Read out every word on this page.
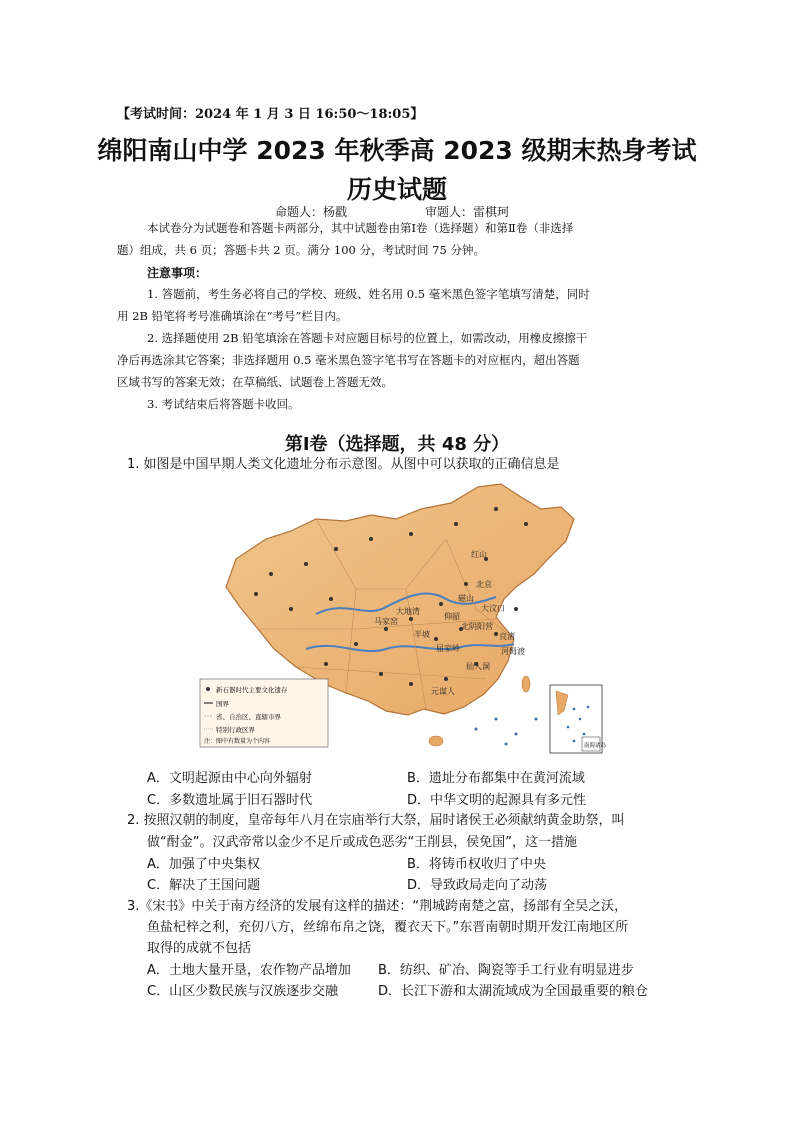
【考试时间：2024 年 1 月 3 日 16:50～18:05】
绵阳南山中学 2023 年秋季高 2023 级期末热身考试
历史试题
命题人：杨戳	审题人：雷棋珂
本试卷分为试题卷和答题卡两部分，其中试题卷由第Ⅰ卷（选择题）和第Ⅱ卷（非选择
题）组成，共 6 页；答题卡共 2 页。满分 100 分，考试时间 75 分钟。
注意事项：
1. 答题前，考生务必将自己的学校、班级、姓名用 0.5 毫米黑色签字笔填写清楚，同时
用 2B 铅笔将考号准确填涂在“考号”栏目内。
2. 选择题使用 2B 铅笔填涂在答题卡对应题目标号的位置上，如需改动，用橡皮擦擦干
净后再选涂其它答案；非选择题用 0.5 毫米黑色签字笔书写在答题卡的对应框内，超出答题
区域书写的答案无效；在草稿纸、试题卷上答题无效。
3. 考试结束后将答题卡收回。
第Ⅰ卷（选择题，共 48 分）
1. 如图是中国早期人类文化遗址分布示意图。从图中可以获取的正确信息是
红山
北京
大地湾
半坡
河姆渡
良渚
元谋人
仙人洞
大汶口
北阴阳营
屈家岭
磁山
仰韶
马家窑
新石器时代主要文化遗存
国界
省、自治区、直辖市界
特别行政区界
注：图中有数量为个内容
南海诸岛
A．文明起源由中心向外辐射	B．遗址分布都集中在黄河流域
C．多数遗址属于旧石器时代	D．中华文明的起源具有多元性
2. 按照汉朝的制度，皇帝每年八月在宗庙举行大祭，届时诸侯王必须献纳黄金助祭，叫
做“酎金”。汉武帝常以金少不足斤或成色恶劣“王削县，侯免国”，这一措施
A．加强了中央集权	B．将铸币权收归了中央
C．解决了王国问题	D．导致政局走向了动荡
3.《宋书》中关于南方经济的发展有这样的描述：“荆城跨南楚之富，扬部有全吴之沃，
鱼盐杞梓之利，充仞八方，丝绵布帛之饶，覆衣天下。”东晋南朝时期开发江南地区所
取得的成就不包括
A．土地大量开垦，农作物产品增加 B．纺织、矿冶、陶瓷等手工行业有明显进步
C．山区少数民族与汉族逐步交融	D．长江下游和太湖流域成为全国最重要的粮仓
